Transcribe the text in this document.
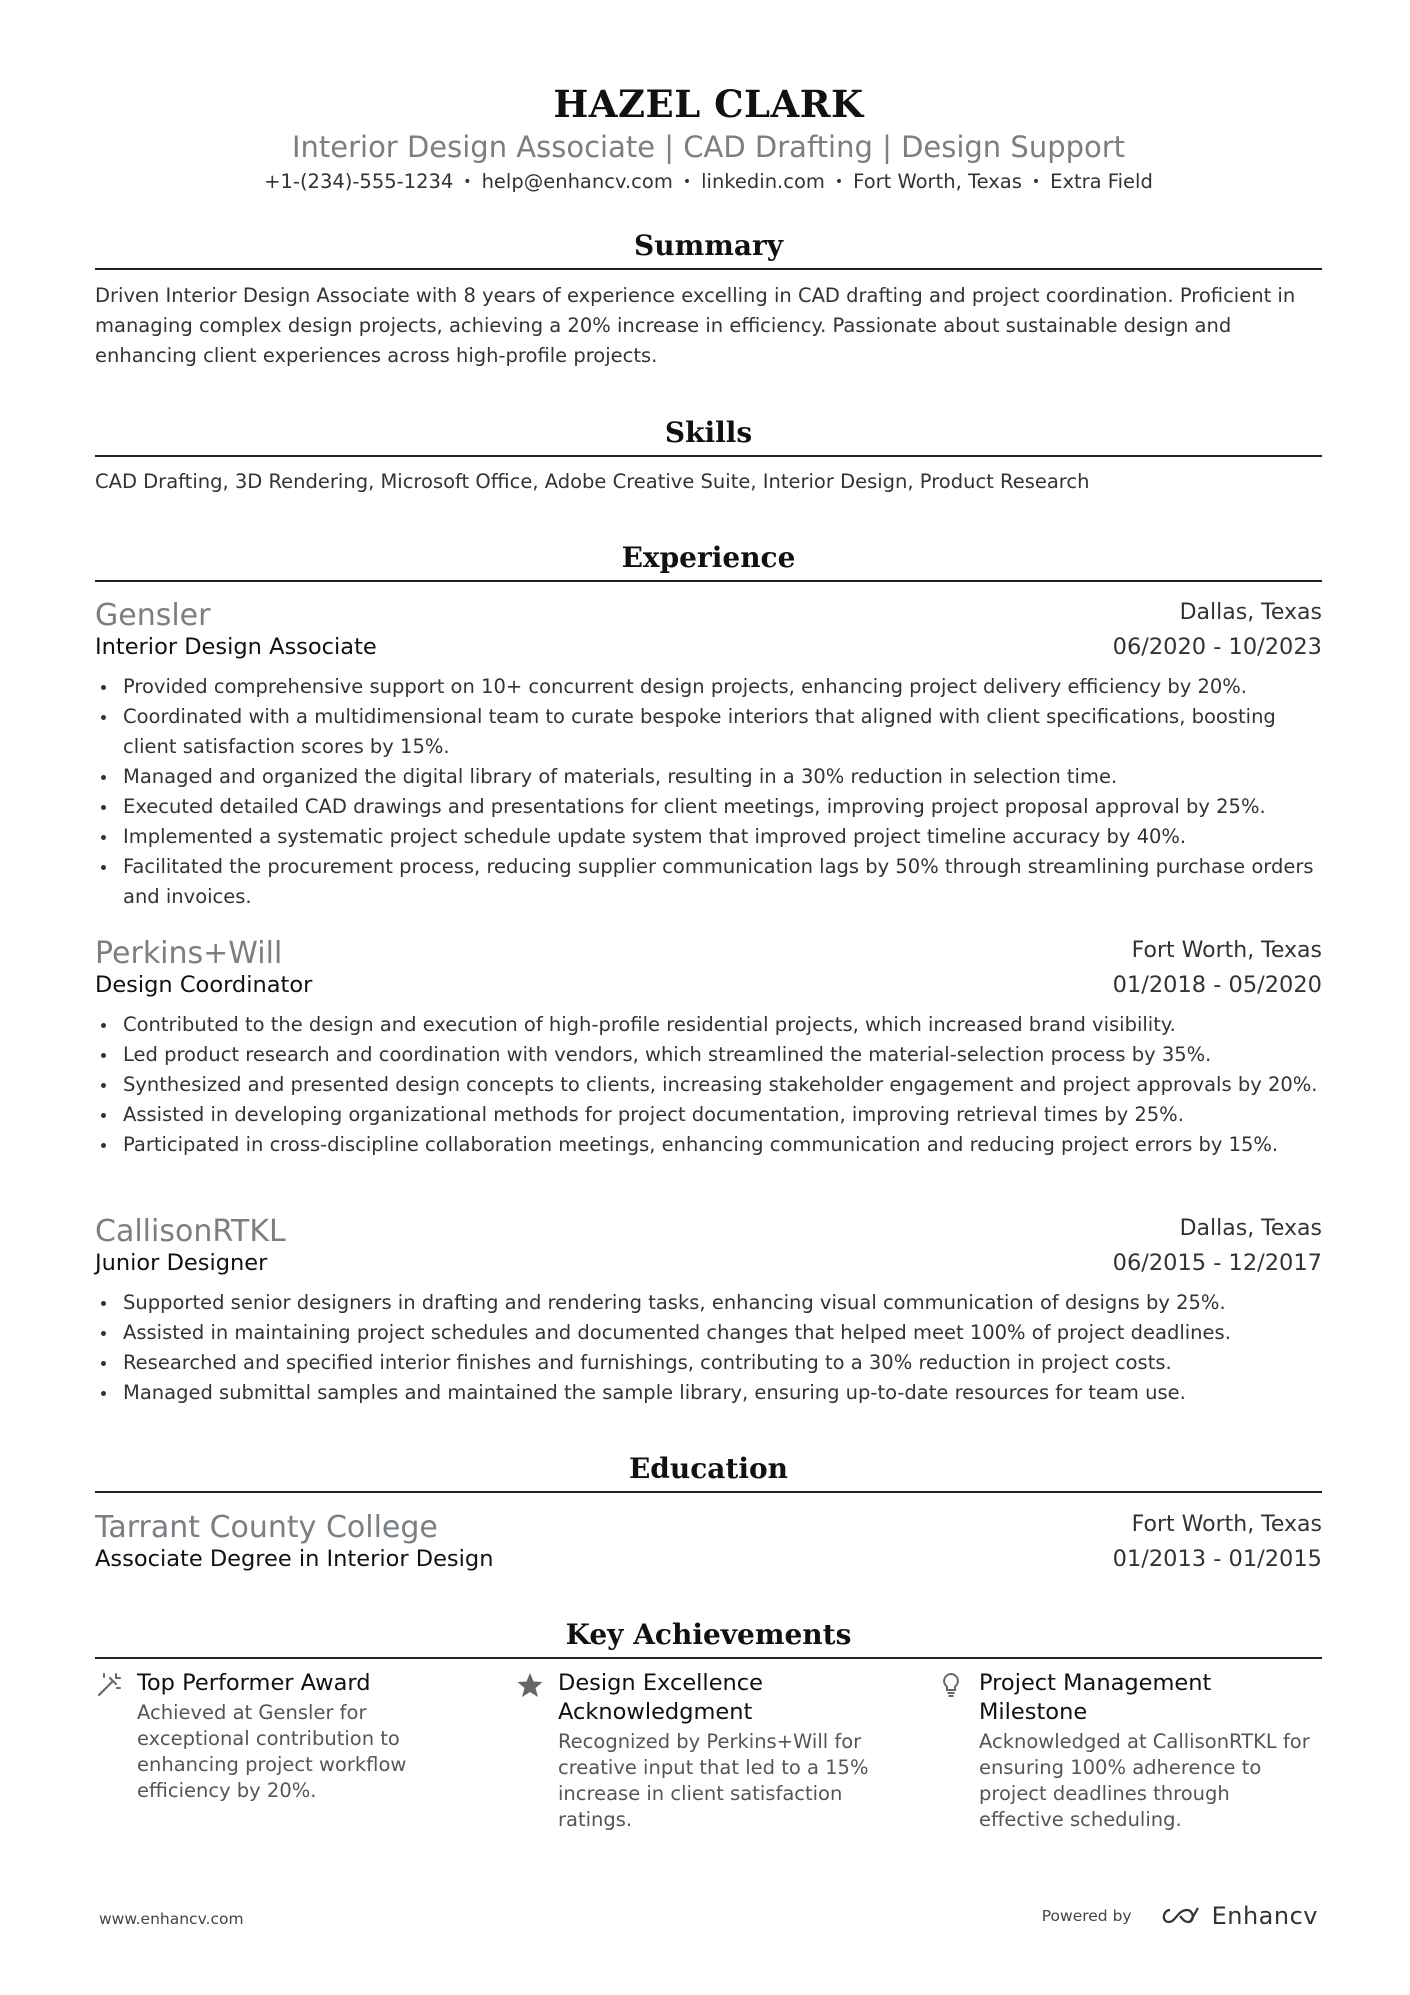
HAZEL CLARK
Interior Design Associate | CAD Drafting | Design Support
+1-(234)-555-1234 • help@enhancv.com • linkedin.com • Fort Worth, Texas • Extra Field
Summary

Driven Interior Design Associate with 8 years of experience excelling in CAD drafting and project coordination. Proficient in managing complex design projects, achieving a 20% increase in efficiency. Passionate about sustainable design and enhancing client experiences across high-profile projects.

Skills

CAD Drafting, 3D Rendering, Microsoft Office, Adobe Creative Suite, Interior Design, Product Research

Experience
Gensler	Dallas, Texas
Interior Design Associate	06/2020 - 10/2023
Provided comprehensive support on 10+ concurrent design projects, enhancing project delivery efficiency by 20%.
Coordinated with a multidimensional team to curate bespoke interiors that aligned with client specifications, boosting client satisfaction scores by 15%.
Managed and organized the digital library of materials, resulting in a 30% reduction in selection time.
Executed detailed CAD drawings and presentations for client meetings, improving project proposal approval by 25%.
Implemented a systematic project schedule update system that improved project timeline accuracy by 40%.
Facilitated the procurement process, reducing supplier communication lags by 50% through streamlining purchase orders and invoices.
Perkins+Will	Fort Worth, Texas
Design Coordinator	01/2018 - 05/2020
Contributed to the design and execution of high-profile residential projects, which increased brand visibility.
Led product research and coordination with vendors, which streamlined the material-selection process by 35%.
Synthesized and presented design concepts to clients, increasing stakeholder engagement and project approvals by 20%.
Assisted in developing organizational methods for project documentation, improving retrieval times by 25%.
Participated in cross-discipline collaboration meetings, enhancing communication and reducing project errors by 15%.
CallisonRTKL	Dallas, Texas
Junior Designer	06/2015 - 12/2017
Supported senior designers in drafting and rendering tasks, enhancing visual communication of designs by 25%.
Assisted in maintaining project schedules and documented changes that helped meet 100% of project deadlines.
Researched and specified interior finishes and furnishings, contributing to a 30% reduction in project costs.
Managed submittal samples and maintained the sample library, ensuring up-to-date resources for team use.
Education
Tarrant County College	Fort Worth, Texas
Associate Degree in Interior Design	01/2013 - 01/2015
Key Achievements
Top Performer Award
Achieved at Gensler for exceptional contribution to enhancing project workflow efficiency by 20%.
Design Excellence Acknowledgment
Recognized by Perkins+Will for creative input that led to a 15% increase in client satisfaction ratings.
Project Management Milestone
Acknowledged at CallisonRTKL for ensuring 100% adherence to project deadlines through effective scheduling.
www.enhancv.com	Powered by	Enhancv
